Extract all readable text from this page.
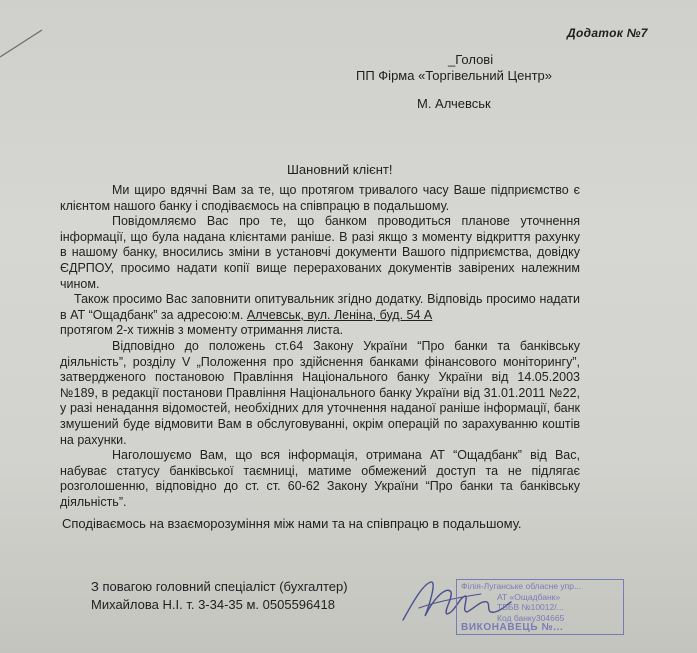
Додаток №7
_Голові
ПП Фірма «Торгівельний Центр»
М. Алчевськ
Шановний клієнт!

Ми щиро вдячні Вам за те, що протягом тривалого часу Ваше підприємство є клієнтом нашого банку і сподіваємось на співпрацю в подальшому.

Повідомляємо Вас про те, що банком проводиться планове уточнення інформації, що була надана клієнтами раніше. В разі якщо з моменту відкриття рахунку в нашому банку, вносились зміни в установчі документи Вашого підприємства, довідку ЄДРПОУ, просимо надати копії вище перерахованих документів завірених належним чином.

Також просимо Вас заповнити опитувальник згідно додатку. Відповідь просимо надати в АТ “Ощадбанк” за адресою:м. Алчевськ, вул. Леніна, буд. 54 А

протягом 2-х тижнів з моменту отримання листа.

Відповідно до положень ст.64 Закону України “Про банки та банківську діяльність”, розділу V „Положення про здійснення банками фінансового моніторингу”, затвердженого постановою Правління Національного банку України від 14.05.2003 №189, в редакції постанови Правління Національного банку України від 31.01.2011 №22, у разі ненадання відомостей, необхідних для уточнення наданої раніше інформації, банк змушений буде відмовити Вам в обслуговуванні, окрім операцій по зарахуванню коштів на рахунки.

Наголошуємо Вам, що вся інформація, отримана АТ “Ощадбанк” від Вас, набуває статусу банківської таємниці, матиме обмежений доступ та не підлягає розголошенню, відповідно до ст. ст. 60-62 Закону України “Про банки та банківську діяльність”.

Сподіваємось на взаєморозуміння між нами та на співпрацю в подальшому.
З повагою головний спеціаліст (бухгалтер)
Михайлова Н.І. т. 3-34-35 м. 0505596418
Філія-Луганське обласне упр...
АТ «Ощадбанк»
ТВБВ №10012/...
Код банку304665
ВИКОНАВЕЦЬ №...
